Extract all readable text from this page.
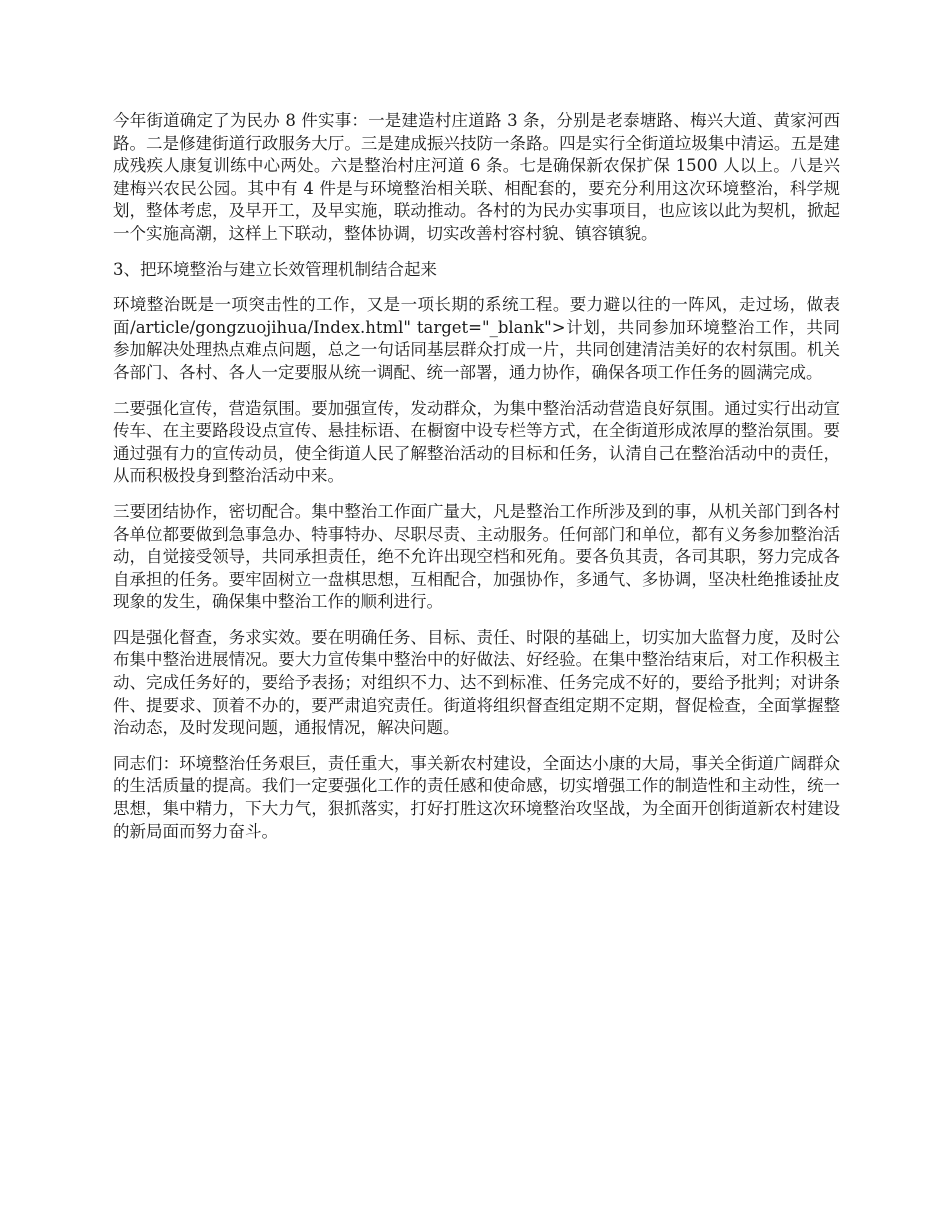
今年街道确定了为民办 8 件实事：一是建造村庄道路 3 条，分别是老泰塘路、梅兴大道、黄家河西路。二是修建街道行政服务大厅。三是建成振兴技防一条路。四是实行全街道垃圾集中清运。五是建成残疾人康复训练中心两处。六是整治村庄河道 6 条。七是确保新农保扩保 1500 人以上。八是兴建梅兴农民公园。其中有 4 件是与环境整治相关联、相配套的，要充分利用这次环境整治，科学规划，整体考虑，及早开工，及早实施，联动推动。各村的为民办实事项目，也应该以此为契机，掀起一个实施高潮，这样上下联动，整体协调，切实改善村容村貌、镇容镇貌。

3、把环境整治与建立长效管理机制结合起来

环境整治既是一项突击性的工作，又是一项长期的系统工程。要力避以往的一阵风，走过场，做表面/article/gongzuojihua/Index.html" target="_blank">计划，共同参加环境整治工作，共同参加解决处理热点难点问题，总之一句话同基层群众打成一片，共同创建清洁美好的农村氛围。机关各部门、各村、各人一定要服从统一调配、统一部署，通力协作，确保各项工作任务的圆满完成。

二要强化宣传，营造氛围。要加强宣传，发动群众，为集中整治活动营造良好氛围。通过实行出动宣传车、在主要路段设点宣传、悬挂标语、在橱窗中设专栏等方式，在全街道形成浓厚的整治氛围。要通过强有力的宣传动员，使全街道人民了解整治活动的目标和任务，认清自己在整治活动中的责任，从而积极投身到整治活动中来。

三要团结协作，密切配合。集中整治工作面广量大，凡是整治工作所涉及到的事，从机关部门到各村各单位都要做到急事急办、特事特办、尽职尽责、主动服务。任何部门和单位，都有义务参加整治活动，自觉接受领导，共同承担责任，绝不允许出现空档和死角。要各负其责，各司其职，努力完成各自承担的任务。要牢固树立一盘棋思想，互相配合，加强协作，多通气、多协调，坚决杜绝推诿扯皮现象的发生，确保集中整治工作的顺利进行。

四是强化督查，务求实效。要在明确任务、目标、责任、时限的基础上，切实加大监督力度，及时公布集中整治进展情况。要大力宣传集中整治中的好做法、好经验。在集中整治结束后，对工作积极主动、完成任务好的，要给予表扬；对组织不力、达不到标准、任务完成不好的，要给予批判；对讲条件、提要求、顶着不办的，要严肃追究责任。街道将组织督查组定期不定期，督促检查，全面掌握整治动态，及时发现问题，通报情况，解决问题。

同志们：环境整治任务艰巨，责任重大，事关新农村建设，全面达小康的大局，事关全街道广阔群众的生活质量的提高。我们一定要强化工作的责任感和使命感，切实增强工作的制造性和主动性，统一思想，集中精力，下大力气，狠抓落实，打好打胜这次环境整治攻坚战，为全面开创街道新农村建设的新局面而努力奋斗。
